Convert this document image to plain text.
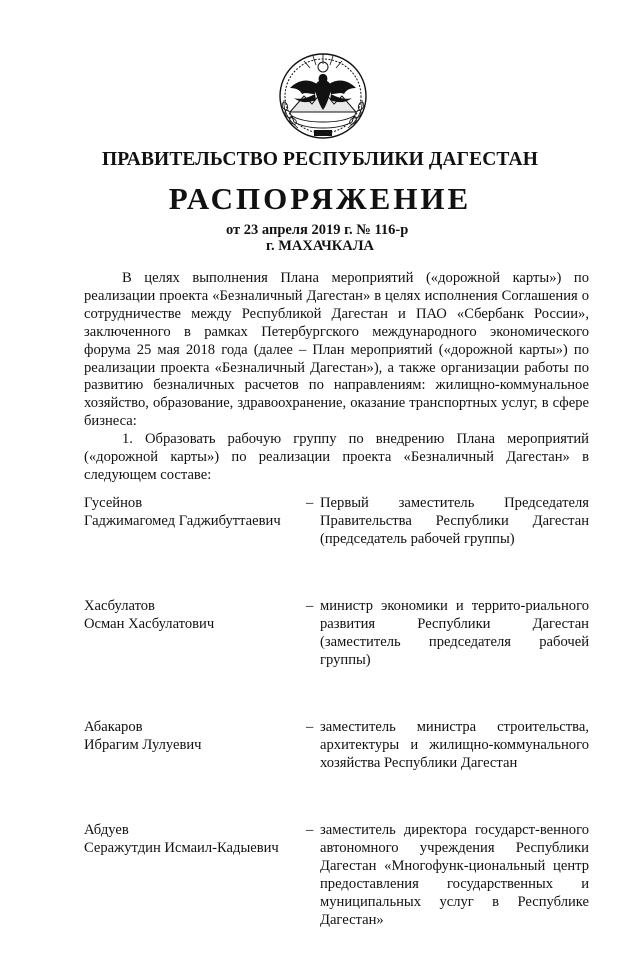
ПРАВИТЕЛЬСТВО РЕСПУБЛИКИ ДАГЕСТАН
РАСПОРЯЖЕНИЕ
от 23 апреля 2019 г. № 116-р
г. МАХАЧКАЛА

В целях выполнения Плана мероприятий («дорожной карты») по реализации проекта «Безналичный Дагестан» в целях исполнения Соглашения о сотрудничестве между Республикой Дагестан и ПАО «Сбербанк России», заключенного в рамках Петербургского международного экономического форума 25 мая 2018 года (далее – План мероприятий («дорожной карты») по реализации проекта «Безналичный Дагестан»), а также организации работы по развитию безналичных расчетов по направлениям: жилищно-коммунальное хозяйство, образование, здравоохранение, оказание транспортных услуг, в сфере бизнеса:

1. Образовать рабочую группу по внедрению Плана мероприятий («дорожной карты») по реализации проекта «Безналичный Дагестан» в следующем составе:

Гусейнов
Гаджимагомед Гаджибуттаевич
– Первый заместитель Председателя Правительства Республики Дагестан (председатель рабочей группы)
Хасбулатов
Осман Хасбулатович
– министр экономики и террито-риального развития Республики Дагестан (заместитель председателя рабочей группы)
Абакаров
Ибрагим Лулуевич
– заместитель министра строительства, архитектуры и жилищно-коммунального хозяйства Республики Дагестан
Абдуев
Серажутдин Исмаил-Кадыевич
– заместитель директора государст-венного автономного учреждения Республики Дагестан «Многофунк-циональный центр предоставления государственных и муниципальных услуг в Республике Дагестан»
